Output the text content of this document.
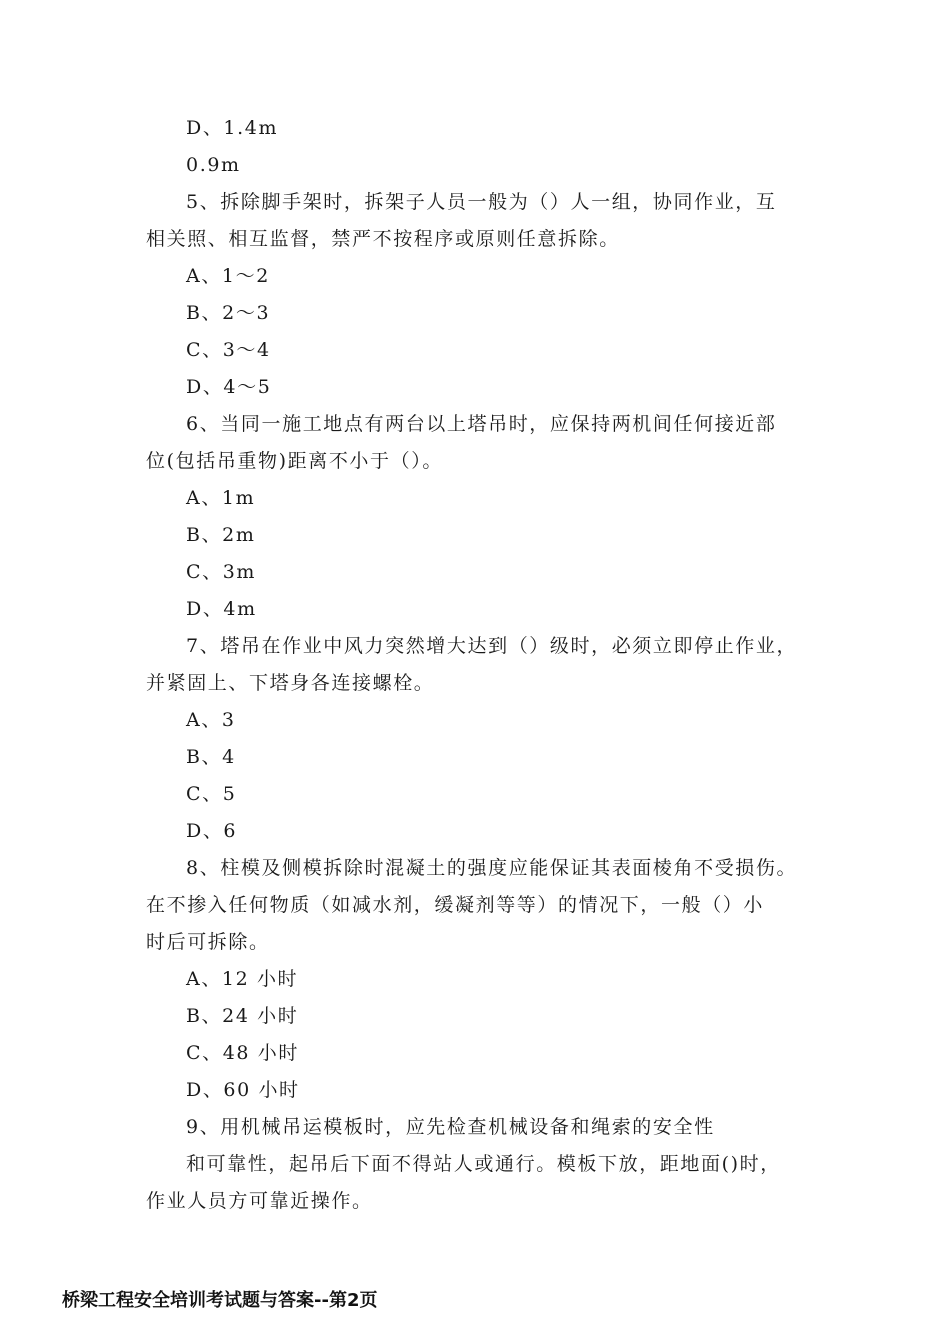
D、1.4m
0.9m
5、拆除脚手架时，拆架子人员一般为（）人一组，协同作业，互
相关照、相互监督，禁严不按程序或原则任意拆除。
A、1～2
B、2～3
C、3～4
D、4～5
6、当同一施工地点有两台以上塔吊时，应保持两机间任何接近部
位(包括吊重物)距离不小于（）。
A、1m
B、2m
C、3m
D、4m
7、塔吊在作业中风力突然增大达到（）级时，必须立即停止作业，
并紧固上、下塔身各连接螺栓。
A、3
B、4
C、5
D、6
8、柱模及侧模拆除时混凝土的强度应能保证其表面棱角不受损伤。
在不掺入任何物质（如减水剂，缓凝剂等等）的情况下，一般（）小
时后可拆除。
A、12 小时
B、24 小时
C、48 小时
D、60 小时
9、用机械吊运模板时，应先检查机械设备和绳索的安全性
和可靠性，起吊后下面不得站人或通行。模板下放，距地面()时，
作业人员方可靠近操作。
桥梁工程安全培训考试题与答案--第2页
